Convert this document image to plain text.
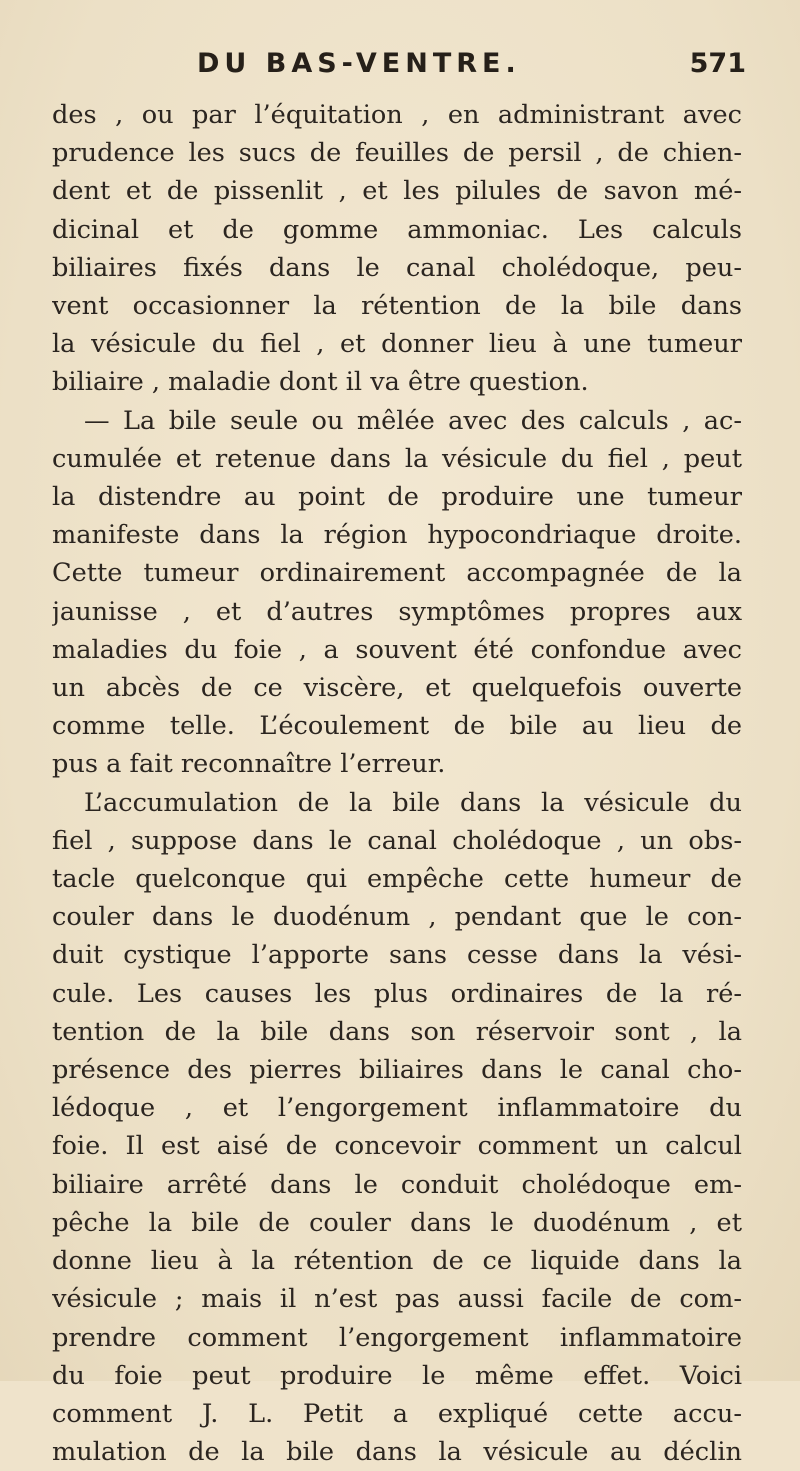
DU BAS-VENTRE.	571
des , ou par l’équitation , en administrant avec
prudence les sucs de feuilles de persil , de chien-
dent et de pissenlit , et les pilules de savon mé-
dicinal et de gomme ammoniac. Les calculs
biliaires fixés dans le canal cholédoque, peu-
vent occasionner la rétention de la bile dans
la vésicule du fiel , et donner lieu à une tumeur
biliaire , maladie dont il va être question.
— La bile seule ou mêlée avec des calculs , ac-
cumulée et retenue dans la vésicule du fiel , peut
la distendre au point de produire une tumeur
manifeste dans la région hypocondriaque droite.
Cette tumeur ordinairement accompagnée de la
jaunisse , et d’autres symptômes propres aux
maladies du foie , a souvent été confondue avec
un abcès de ce viscère, et quelquefois ouverte
comme telle. L’écoulement de bile au lieu de
pus a fait reconnaître l’erreur.
L’accumulation de la bile dans la vésicule du
fiel , suppose dans le canal cholédoque , un obs-
tacle quelconque qui empêche cette humeur de
couler dans le duodénum , pendant que le con-
duit cystique l’apporte sans cesse dans la vési-
cule. Les causes les plus ordinaires de la ré-
tention de la bile dans son réservoir sont , la
présence des pierres biliaires dans le canal cho-
lédoque , et l’engorgement inflammatoire du
foie. Il est aisé de concevoir comment un calcul
biliaire arrêté dans le conduit cholédoque em-
pêche la bile de couler dans le duodénum , et
donne lieu à la rétention de ce liquide dans la
vésicule ; mais il n’est pas aussi facile de com-
prendre comment l’engorgement inflammatoire
du foie peut produire le même effet. Voici
comment J. L. Petit a expliqué cette accu-
mulation de la bile dans la vésicule au déclin
